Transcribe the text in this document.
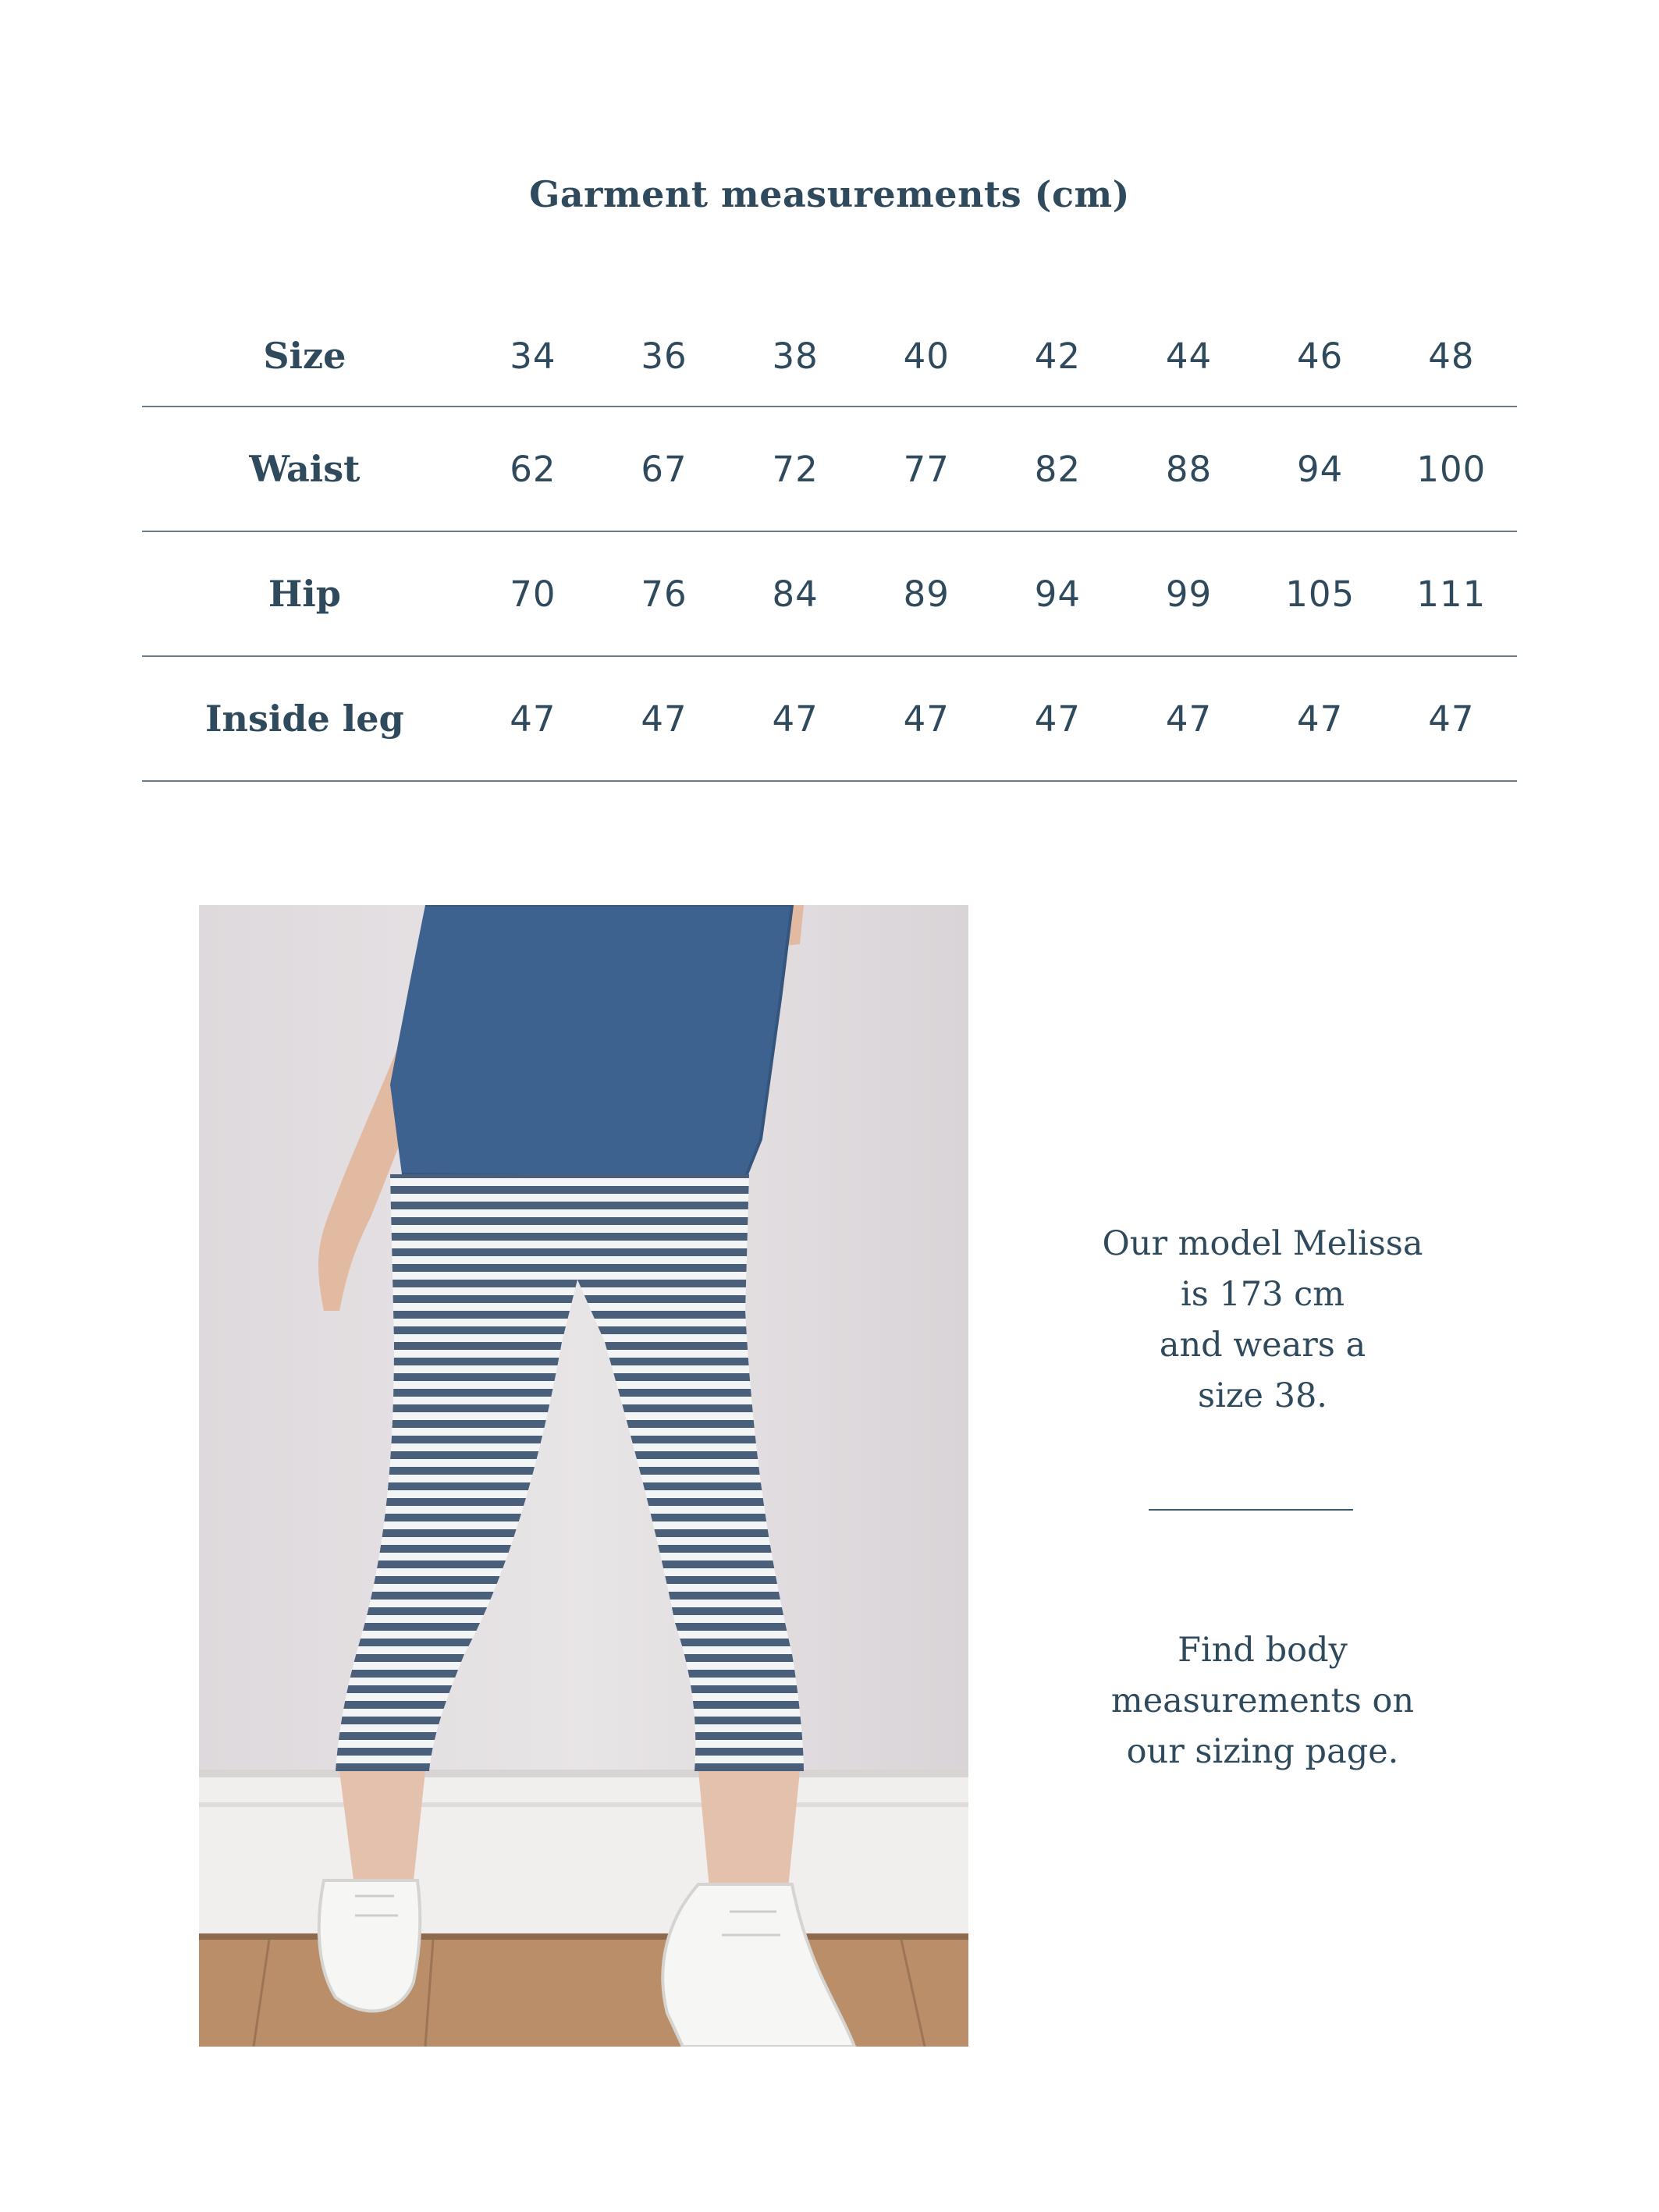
Garment measurements (cm)
Size	34	36	38	40	42	44	46	48
Waist	62	67	72	77	82	88	94	100
Hip	70	76	84	89	94	99	105	111
Inside leg	47	47	47	47	47	47	47	47
Our model Melissa
is 173 cm
and wears a
size 38.
Find body
measurements on
our sizing page.
